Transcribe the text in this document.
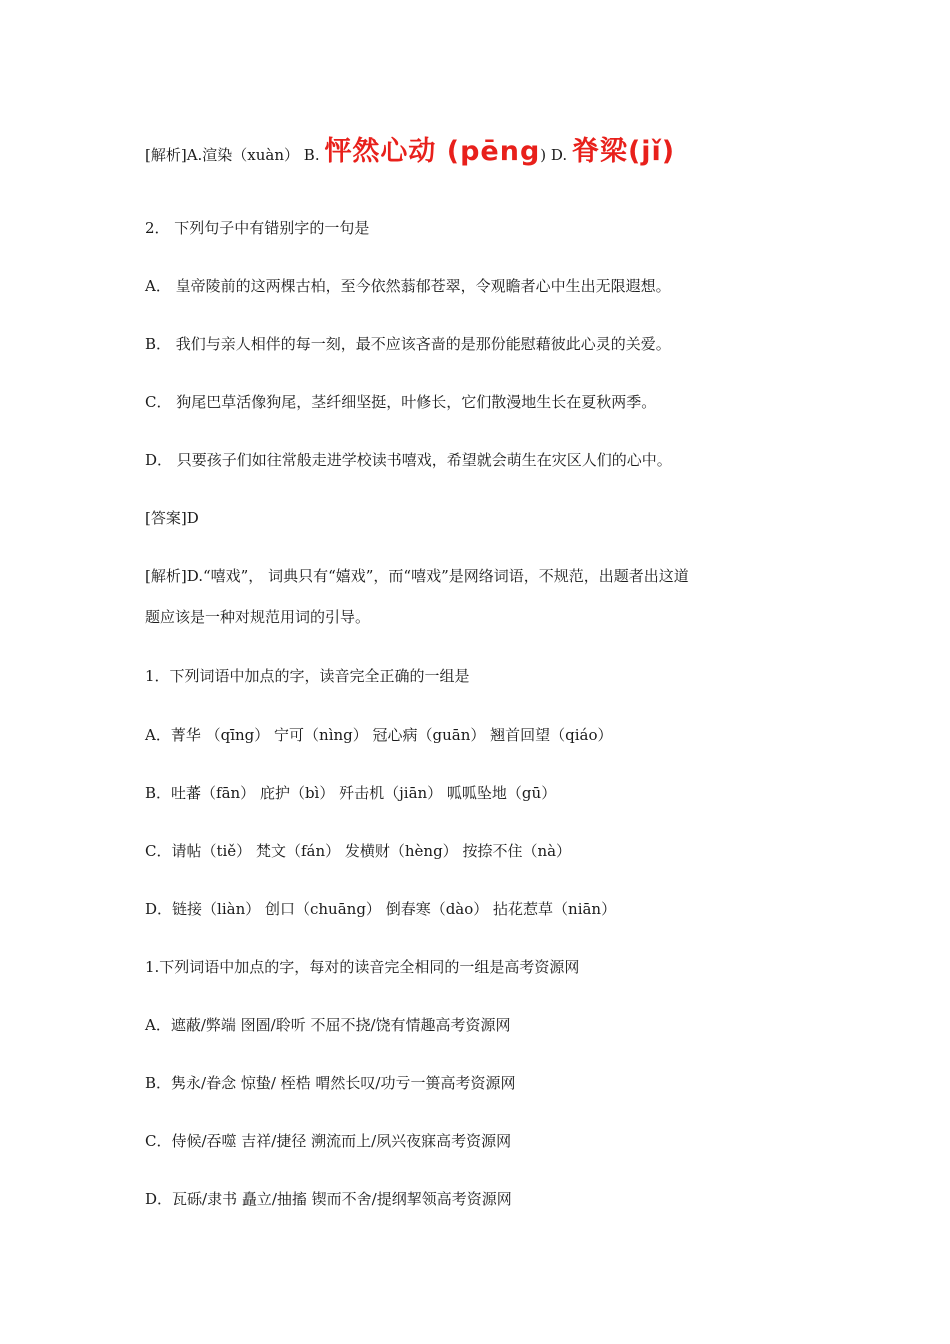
[解析]A.渲染（xuàn） B. 怦然心动 (pēng) D. 脊梁(jǐ)
2． 下列句子中有错别字的一句是
A． 皇帝陵前的这两棵古柏，至今依然蓊郁苍翠，令观瞻者心中生出无限遐想。
B． 我们与亲人相伴的每一刻，最不应该吝啬的是那份能慰藉彼此心灵的关爱。
C． 狗尾巴草活像狗尾，茎纤细坚挺，叶修长，它们散漫地生长在夏秋两季。
D． 只要孩子们如往常般走进学校读书嘻戏，希望就会萌生在灾区人们的心中。
[答案]D
[解析]D.“嘻戏”， 词典只有“嬉戏”，而“嘻戏”是网络词语，不规范，出题者出这道
题应该是一种对规范用词的引导。
1．下列词语中加点的字，读音完全正确的一组是
A．菁华 （qīng） 宁可（nìng） 冠心病（guān） 翘首回望（qiáo）
B．吐蕃（fān） 庇护（bì） 歼击机（jiān） 呱呱坠地（gū）
C．请帖（tiě） 梵文（fán） 发横财（hèng） 按捺不住（nà）
D．链接（liàn） 创口（chuāng） 倒春寒（dào） 拈花惹草（niān）
1.下列词语中加点的字，每对的读音完全相同的一组是高考资源网
A．遮蔽/弊端 囹圄/聆听 不屈不挠/饶有情趣高考资源网
B．隽永/眷念 惊蛰/ 桎梏 喟然长叹/功亏一篑高考资源网
C．侍候/吞噬 吉祥/捷径 溯流而上/夙兴夜寐高考资源网
D．瓦砾/隶书 矗立/抽搐 锲而不舍/提纲挈领高考资源网
